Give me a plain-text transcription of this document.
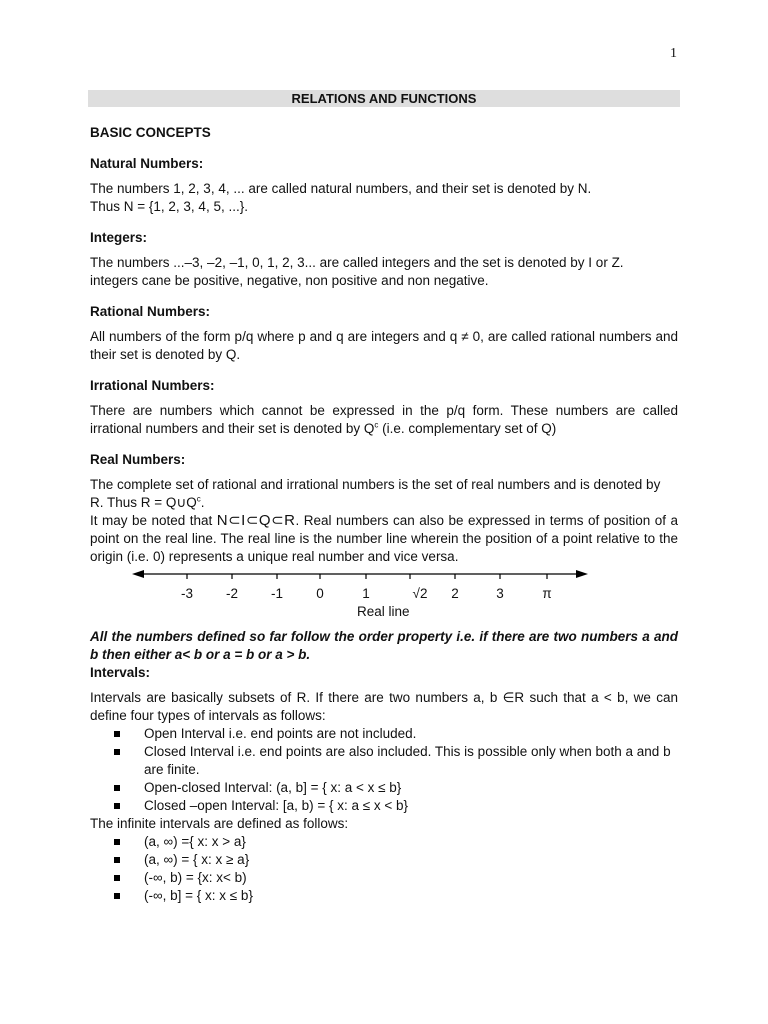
1
RELATIONS AND FUNCTIONS

BASIC CONCEPTS

Natural Numbers:

The numbers 1, 2, 3, 4, ... are called natural numbers, and their set is denoted by N.

Thus N = {1, 2, 3, 4, 5, ...}.

Integers:

The numbers ...–3, –2, –1, 0, 1, 2, 3... are called integers and the set is denoted by I or Z.

integers cane be positive, negative, non positive and non negative.

Rational Numbers:

All numbers of the form p/q where p and q are integers and q ≠ 0, are called rational numbers and their set is denoted by Q.

Irrational Numbers:

There are numbers which cannot be expressed in the p/q form. These numbers are called irrational numbers and their set is denoted by $Q^c$ (i.e. complementary set of Q)

Real Numbers:

The complete set of rational and irrational numbers is the set of real numbers and is denoted by

R. Thus $R = Q\cup Q^c$.

It may be noted that N⊂I⊂Q⊂R. Real numbers can also be expressed in terms of position of a point on the real line. The real line is the number line wherein the position of a point relative to the origin (i.e. 0) represents a unique real number and vice versa.

-3 -2 -1 0	1	√2 2	3	π
Real line

All the numbers defined so far follow the order property i.e. if there are two numbers a and b then either a< b or a = b or a > b.

Intervals:

Intervals are basically subsets of R. If there are two numbers a, b ∈R such that a < b, we can define four types of intervals as follows:

Open Interval i.e. end points are not included.
Closed Interval i.e. end points are also included. This is possible only when both a and b are finite.
Open-closed Interval: (a, b] = { x: a < x ≤ b}
Closed –open Interval: [a, b) = { x: a ≤ x < b}

The infinite intervals are defined as follows:

(a, ∞) ={ x: x > a}
(a, ∞) = { x: x ≥ a}
(-∞, b) = {x: x< b)
(-∞, b] = { x: x ≤ b}
